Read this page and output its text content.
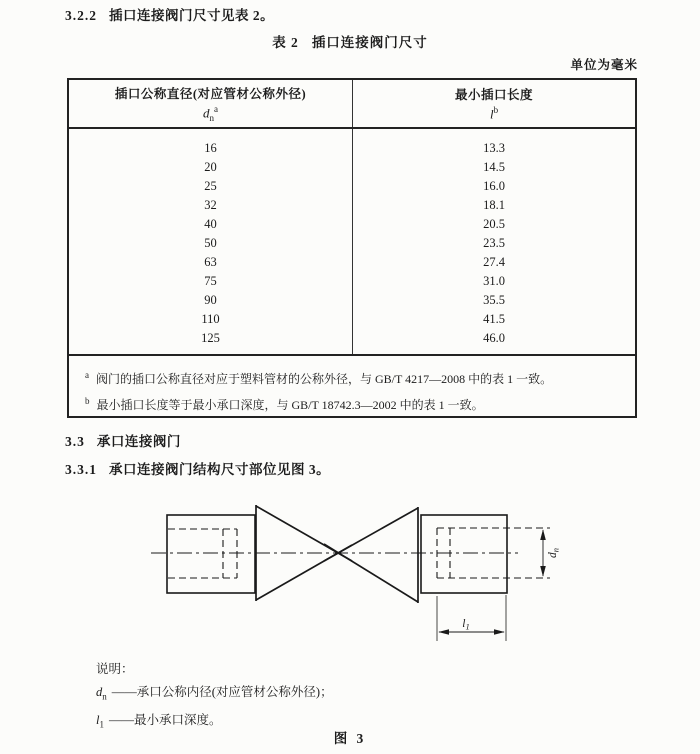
3.2.2 插口连接阀门尺寸见表 2。

表 2 插口连接阀门尺寸
单位为毫米
插口公称直径(对应管材公称外径)
$d_n^a$
最小插口长度
$l^b$
16
20
25
32
40
50
63
75
90
110
125
13.3
14.5
16.0
18.1
20.5
23.5
27.4
31.0
35.5
41.5
46.0
$^a$ 阀门的插口公称直径对应于塑料管材的公称外径，与 GB/T 4217—2008 中的表 1 一致。
$^b$ 最小插口长度等于最小承口深度，与 GB/T 18742.3—2002 中的表 1 一致。

3.3 承口连接阀门

3.3.1 承口连接阀门结构尺寸部位见图 3。

$d_n$
$l_1$
说明：
$d_n$ ——承口公称内径(对应管材公称外径)；
$l_1$ ——最小承口深度。
图 3
